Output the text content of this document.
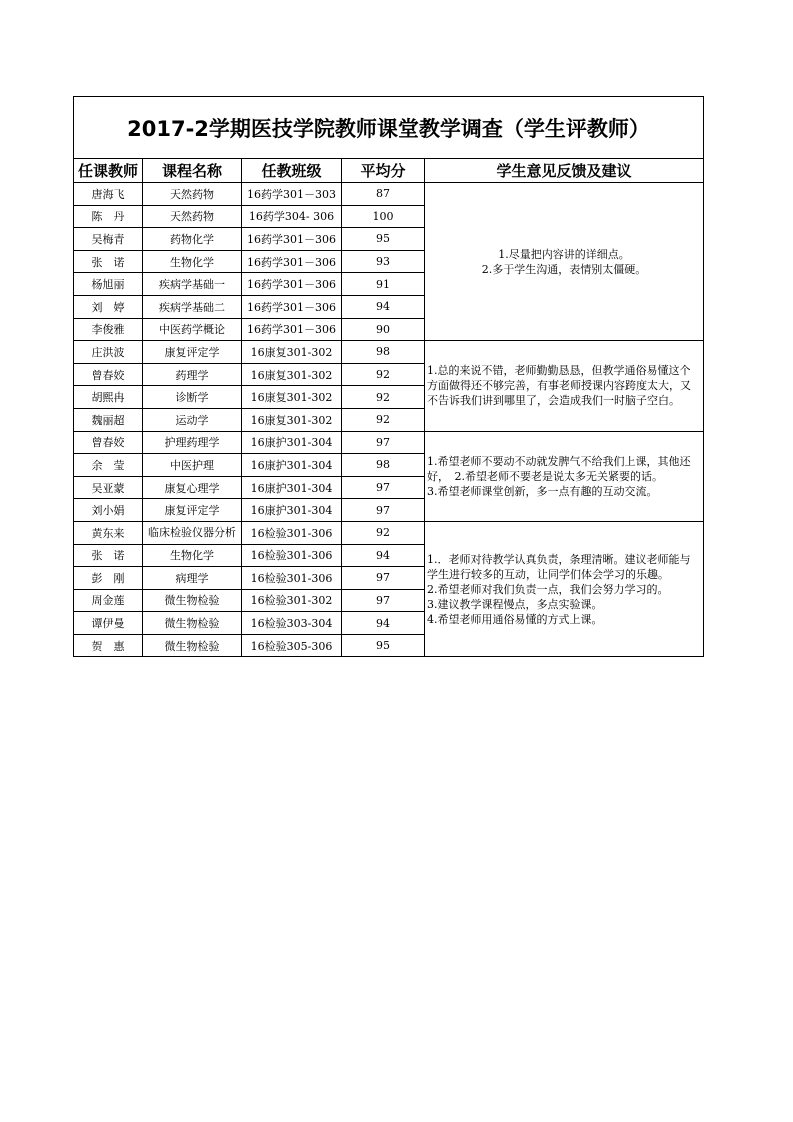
2017-2学期医技学院教师课堂教学调查（学生评教师）				
任课教师	课程名称	任教班级	平均分	学生意见反馈及建议
唐海飞	天然药物	16药学301－303	87	1.尽量把内容讲的详细点。
2.多于学生沟通，表情别太僵硬。

陈　丹	天然药物	16药学304- 306	100	
吴梅青	药物化学	16药学301－306	95	
张　诺	生物化学	16药学301－306	93	
杨旭丽	疾病学基础一	16药学301－306	91	
刘　婷	疾病学基础二	16药学301－306	94	
李俊雅	中医药学概论	16药学301－306	90	
庄洪波	康复评定学	16康复301-302	98	1.总的来说不错，老师勤勤恳恳，但教学通俗易懂这个方面做得还不够完善，有事老师授课内容跨度太大，又不告诉我们讲到哪里了，会造成我们一时脑子空白。

曾春姣	药理学	16康复301-302	92	
胡熙冉	诊断学	16康复301-302	92	
魏丽超	运动学	16康复301-302	92	
曾春姣	护理药理学	16康护301-304	97	1.希望老师不要动不动就发脾气不给我们上课，其他还好，　2.希望老师不要老是说太多无关紧要的话。
3.希望老师课堂创新，多一点有趣的互动交流。

余　莹	中医护理	16康护301-304	98	
吴亚蒙	康复心理学	16康护301-304	97	
刘小娟	康复评定学	16康护301-304	97	
黄东来	临床检验仪器分析	16检验301-306	92	1.．老师对待教学认真负责，条理清晰。建议老师能与学生进行较多的互动，让同学们体会学习的乐趣。
2.希望老师对我们负责一点，我们会努力学习的。
3.建议教学课程慢点，多点实验课。
4.希望老师用通俗易懂的方式上课。

张　诺	生物化学	16检验301-306	94	
彭　刚	病理学	16检验301-306	97	
周金莲	微生物检验	16检验301-302	97	
谭伊曼	微生物检验	16检验303-304	94	
贺　惠	微生物检验	16检验305-306	95	
